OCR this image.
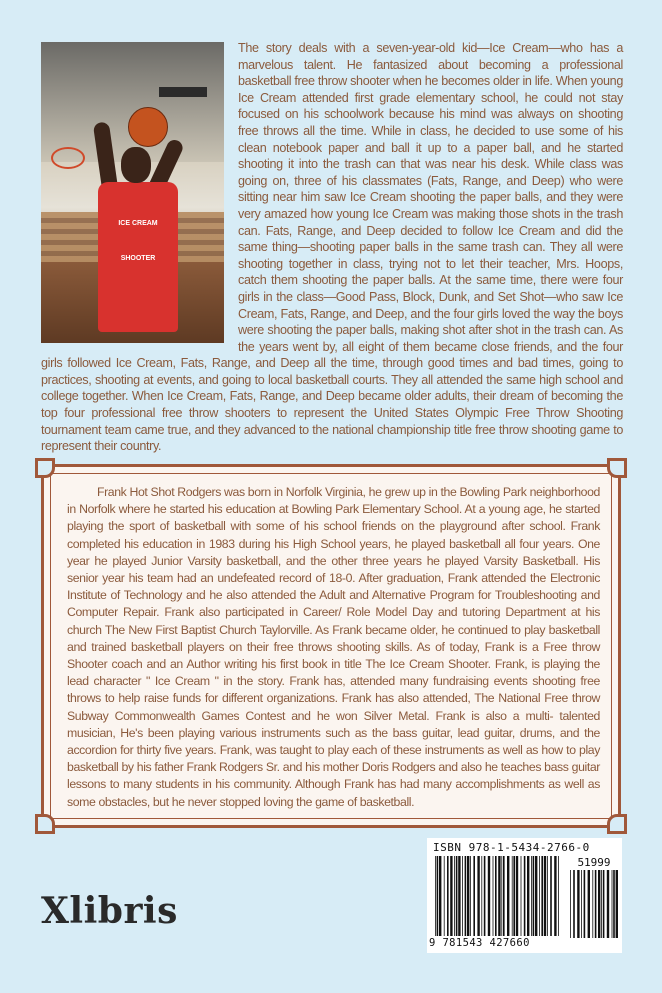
ICE CREAM
SHOOTER
The story deals with a seven-year-old kid—Ice Cream—who has a marvelous talent. He fantasized about becoming a professional basketball free throw shooter when he becomes older in life. When young Ice Cream attended first grade elementary school, he could not stay focused on his schoolwork because his mind was always on shooting free throws all the time. While in class, he decided to use some of his clean notebook paper and ball it up to a paper ball, and he started shooting it into the trash can that was near his desk. While class was going on, three of his classmates (Fats, Range, and Deep) who were sitting near him saw Ice Cream shooting the paper balls, and they were very amazed how young Ice Cream was making those shots in the trash can. Fats, Range, and Deep decided to follow Ice Cream and did the same thing—shooting paper balls in the same trash can. They all were shooting together in class, trying not to let their teacher, Mrs. Hoops, catch them shooting the paper balls. At the same time, there were four girls in the class—Good Pass, Block, Dunk, and Set Shot—who saw Ice Cream, Fats, Range, and Deep, and the four girls loved the way the boys were shooting the paper balls, making shot after shot in the trash can. As the years went by, all eight of them became close friends, and the four girls followed Ice Cream, Fats, Range, and Deep all the time, through good times and bad times, going to practices, shooting at events, and going to local basketball courts. They all attended the same high school and college together. When Ice Cream, Fats, Range, and Deep became older adults, their dream of becoming the top four professional free throw shooters to represent the United States Olympic Free Throw Shooting tournament team came true, and they advanced to the national championship title free throw shooting game to represent their country.
Frank Hot Shot Rodgers was born in Norfolk Virginia, he grew up in the Bowling Park neighborhood in Norfolk where he started his education at Bowling Park Elementary School. At a young age, he started playing the sport of basketball with some of his school friends on the playground after school. Frank completed his education in 1983 during his High School years, he played basketball all four years. One year he played Junior Varsity basketball, and the other three years he played Varsity Basketball. His senior year his team had an undefeated record of 18-0. After graduation, Frank attended the Electronic Institute of Technology and he also attended the Adult and Alternative Program for Troubleshooting and Computer Repair. Frank also participated in Career/ Role Model Day and tutoring Department at his church The New First Baptist Church Taylorville. As Frank became older, he continued to play basketball and trained basketball players on their free throws shooting skills. As of today, Frank is a Free throw Shooter coach and an Author writing his first book in title The Ice Cream Shooter. Frank, is playing the lead character " Ice Cream " in the story. Frank has, attended many fundraising events shooting free throws to help raise funds for different organizations. Frank has also attended, The National Free throw Subway Commonwealth Games Contest and he won Silver Metal. Frank is also a multi- talented musician, He's been playing various instruments such as the bass guitar, lead guitar, drums, and the accordion for thirty five years. Frank, was taught to play each of these instruments as well as how to play basketball by his father Frank Rodgers Sr. and his mother Doris Rodgers and also he teaches bass guitar lessons to many students in his community. Although Frank has had many accomplishments as well as some obstacles, but he never stopped loving the game of basketball.
Xlibris
ISBN 978-1-5434-2766-0
51999
9 781543 427660
